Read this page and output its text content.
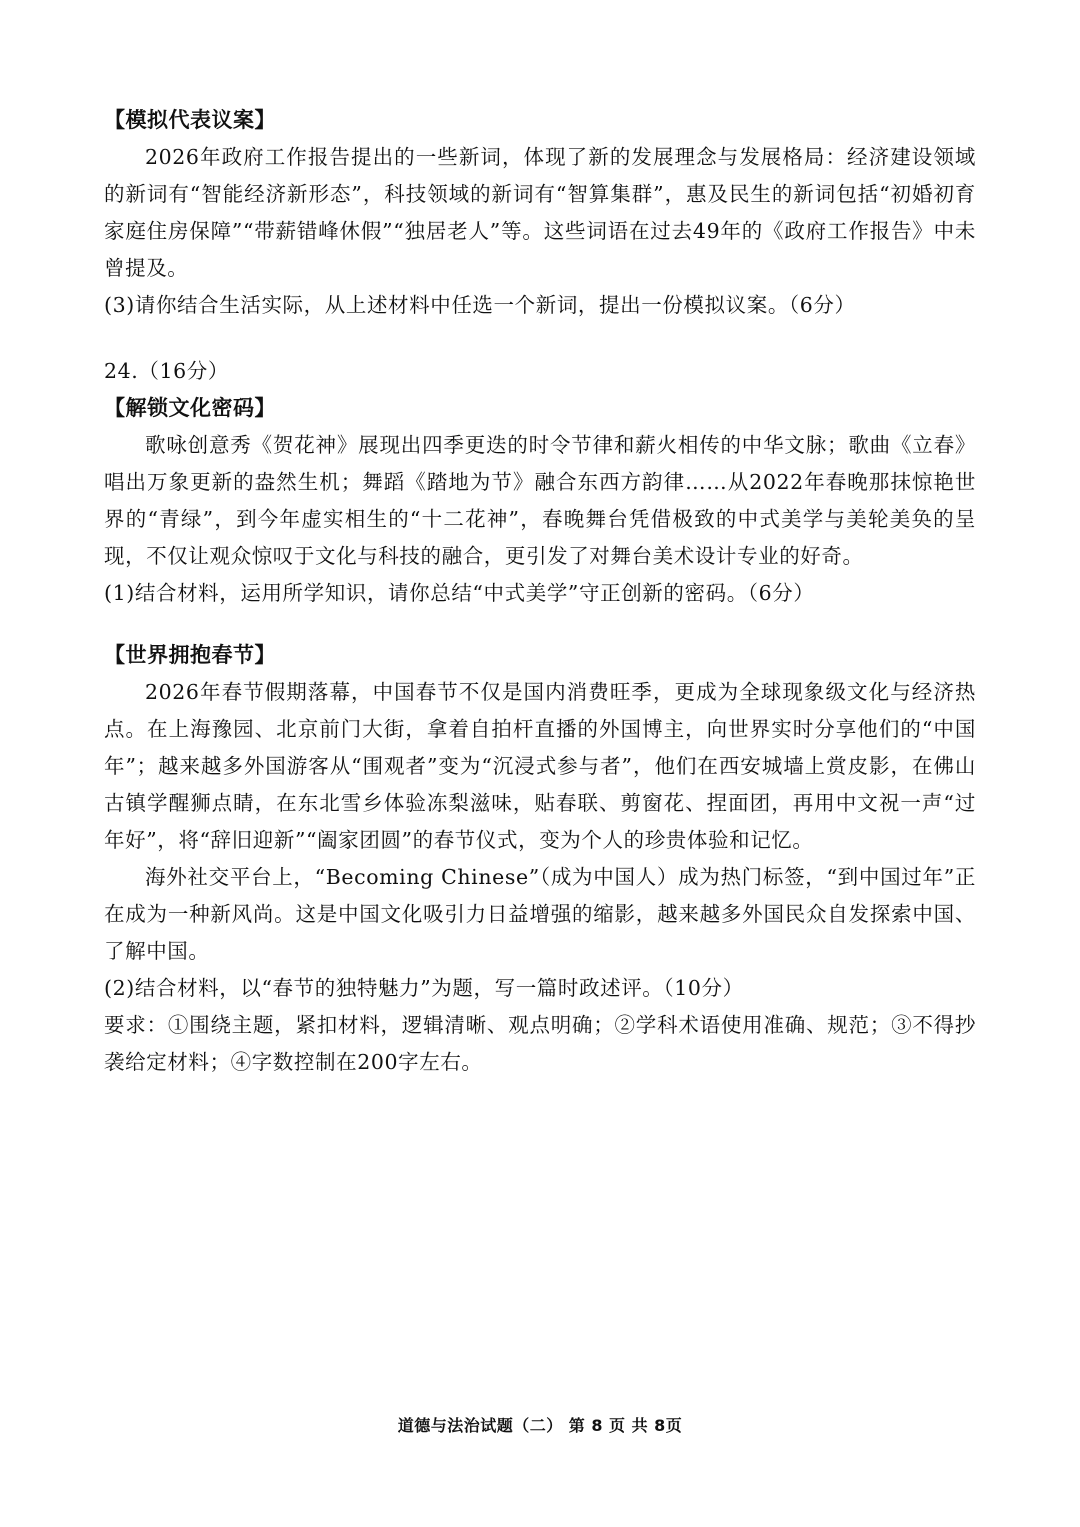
【模拟代表议案】

2026年政府工作报告提出的一些新词，体现了新的发展理念与发展格局：经济建设领域的新词有“智能经济新形态”，科技领域的新词有“智算集群”，惠及民生的新词包括“初婚初育家庭住房保障”“带薪错峰休假”“独居老人”等。这些词语在过去49年的《政府工作报告》中未曾提及。

(3)请你结合生活实际，从上述材料中任选一个新词，提出一份模拟议案。（6分）

24.（16分）

【解锁文化密码】

歌咏创意秀《贺花神》展现出四季更迭的时令节律和薪火相传的中华文脉；歌曲《立春》唱出万象更新的盎然生机；舞蹈《踏地为节》融合东西方韵律……从2022年春晚那抹惊艳世界的“青绿”，到今年虚实相生的“十二花神”，春晚舞台凭借极致的中式美学与美轮美奂的呈现，不仅让观众惊叹于文化与科技的融合，更引发了对舞台美术设计专业的好奇。

(1)结合材料，运用所学知识，请你总结“中式美学”守正创新的密码。（6分）

【世界拥抱春节】

2026年春节假期落幕，中国春节不仅是国内消费旺季，更成为全球现象级文化与经济热点。在上海豫园、北京前门大街，拿着自拍杆直播的外国博主，向世界实时分享他们的“中国年”；越来越多外国游客从“围观者”变为“沉浸式参与者”，他们在西安城墙上赏皮影，在佛山古镇学醒狮点睛，在东北雪乡体验冻梨滋味，贴春联、剪窗花、捏面团，再用中文祝一声“过年好”，将“辞旧迎新”“阖家团圆”的春节仪式，变为个人的珍贵体验和记忆。

海外社交平台上，“Becoming Chinese”（成为中国人）成为热门标签，“到中国过年”正在成为一种新风尚。这是中国文化吸引力日益增强的缩影，越来越多外国民众自发探索中国、了解中国。

(2)结合材料，以“春节的独特魅力”为题，写一篇时政述评。（10分）

要求：①围绕主题，紧扣材料，逻辑清晰、观点明确；②学科术语使用准确、规范；③不得抄袭给定材料；④字数控制在200字左右。

道德与法治试题（二） 第 8 页 共 8页
